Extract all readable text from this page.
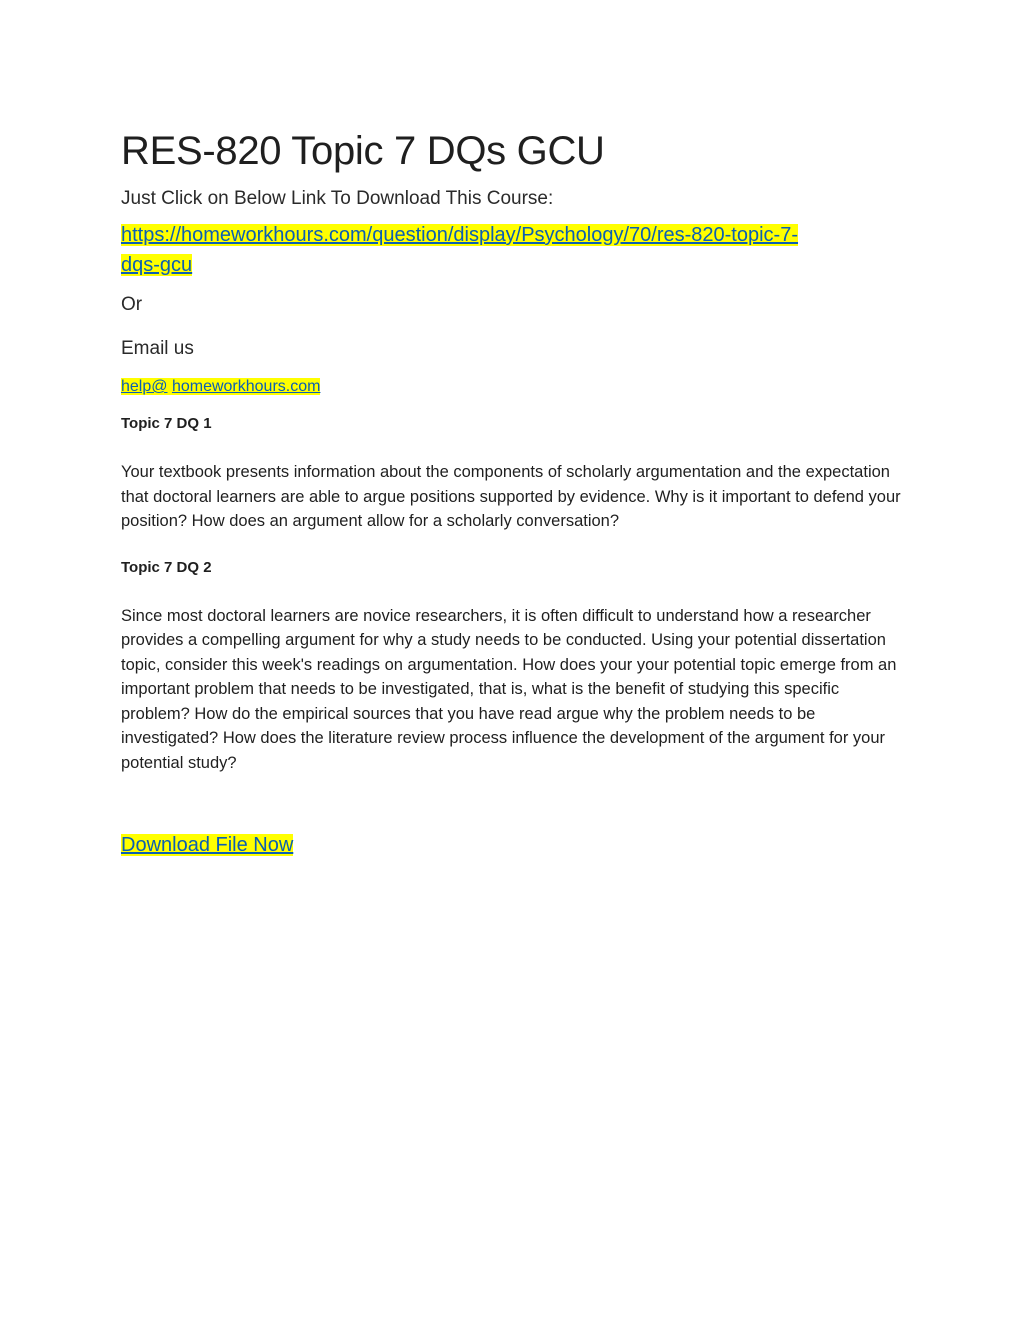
RES-820 Topic 7 DQs GCU

Just Click on Below Link To Download This Course:

https://homeworkhours.com/question/display/Psychology/70/res-820-topic-7-
dqs-gcu

Or

Email us

help@ homeworkhours.com

Topic 7 DQ 1

Your textbook presents information about the components of scholarly argumentation and the expectation that doctoral learners are able to argue positions supported by evidence. Why is it important to defend your position? How does an argument allow for a scholarly conversation?

Topic 7 DQ 2

Since most doctoral learners are novice researchers, it is often difficult to understand how a researcher provides a compelling argument for why a study needs to be conducted. Using your potential dissertation topic, consider this week's readings on argumentation. How does your your potential topic emerge from an important problem that needs to be investigated, that is, what is the benefit of studying this specific problem? How do the empirical sources that you have read argue why the problem needs to be investigated? How does the literature review process influence the development of the argument for your potential study?

Download File Now
